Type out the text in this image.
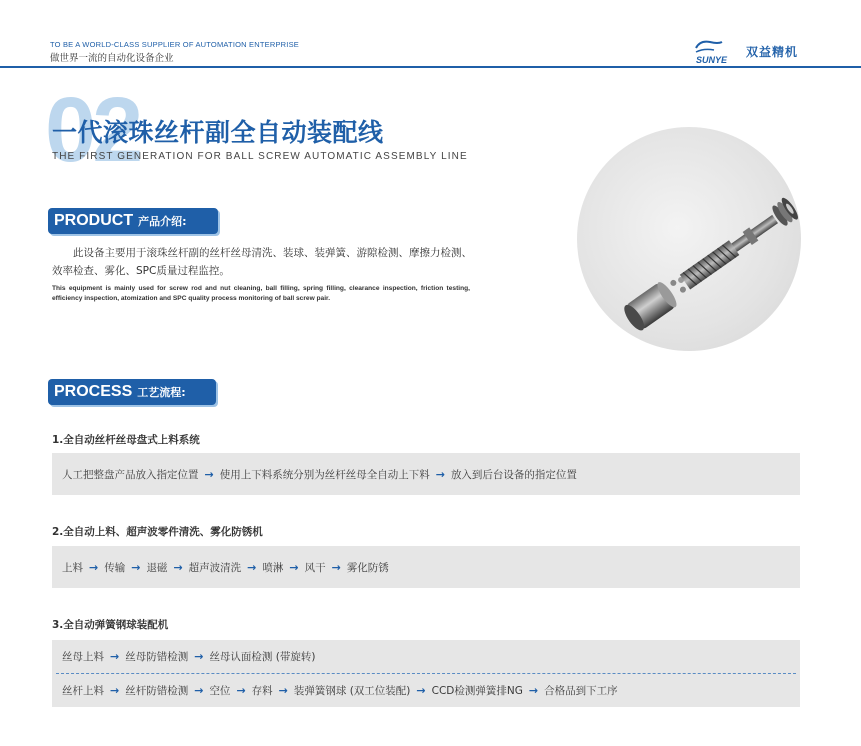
TO BE A WORLD-CLASS SUPPLIER OF AUTOMATION ENTERPRISE
做世界一流的自动化设备企业	SUNYE
双益精机
02
一代滚珠丝杆副全自动装配线
THE FIRST GENERATION FOR BALL SCREW AUTOMATIC ASSEMBLY LINE
PRODUCT 产品介绍:

此设备主要用于滚珠丝杆副的丝杆丝母清洗、装球、装弹簧、游隙检测、摩擦力检测、效率检查、雾化、SPC质量过程监控。

This equipment is mainly used for screw rod and nut cleaning, ball filling, spring filling, clearance inspection, friction testing, efficiency inspection, atomization and SPC quality process monitoring of ball screw pair.

PROCESS 工艺流程:
1.全自动丝杆丝母盘式上料系统
人工把整盘产品放入指定位置 → 使用上下料系统分别为丝杆丝母全自动上下料 → 放入到后台设备的指定位置
2.全自动上料、超声波零件清洗、雾化防锈机
上料 → 传输 → 退磁 → 超声波清洗 → 喷淋 → 风干 → 雾化防锈
3.全自动弹簧钢球装配机
丝母上料 → 丝母防错检测 → 丝母认面检测 (带旋转)
丝杆上料 → 丝杆防错检测 → 空位 → 存料 → 装弹簧钢球 (双工位装配) → CCD检测弹簧排NG → 合格品到下工序
